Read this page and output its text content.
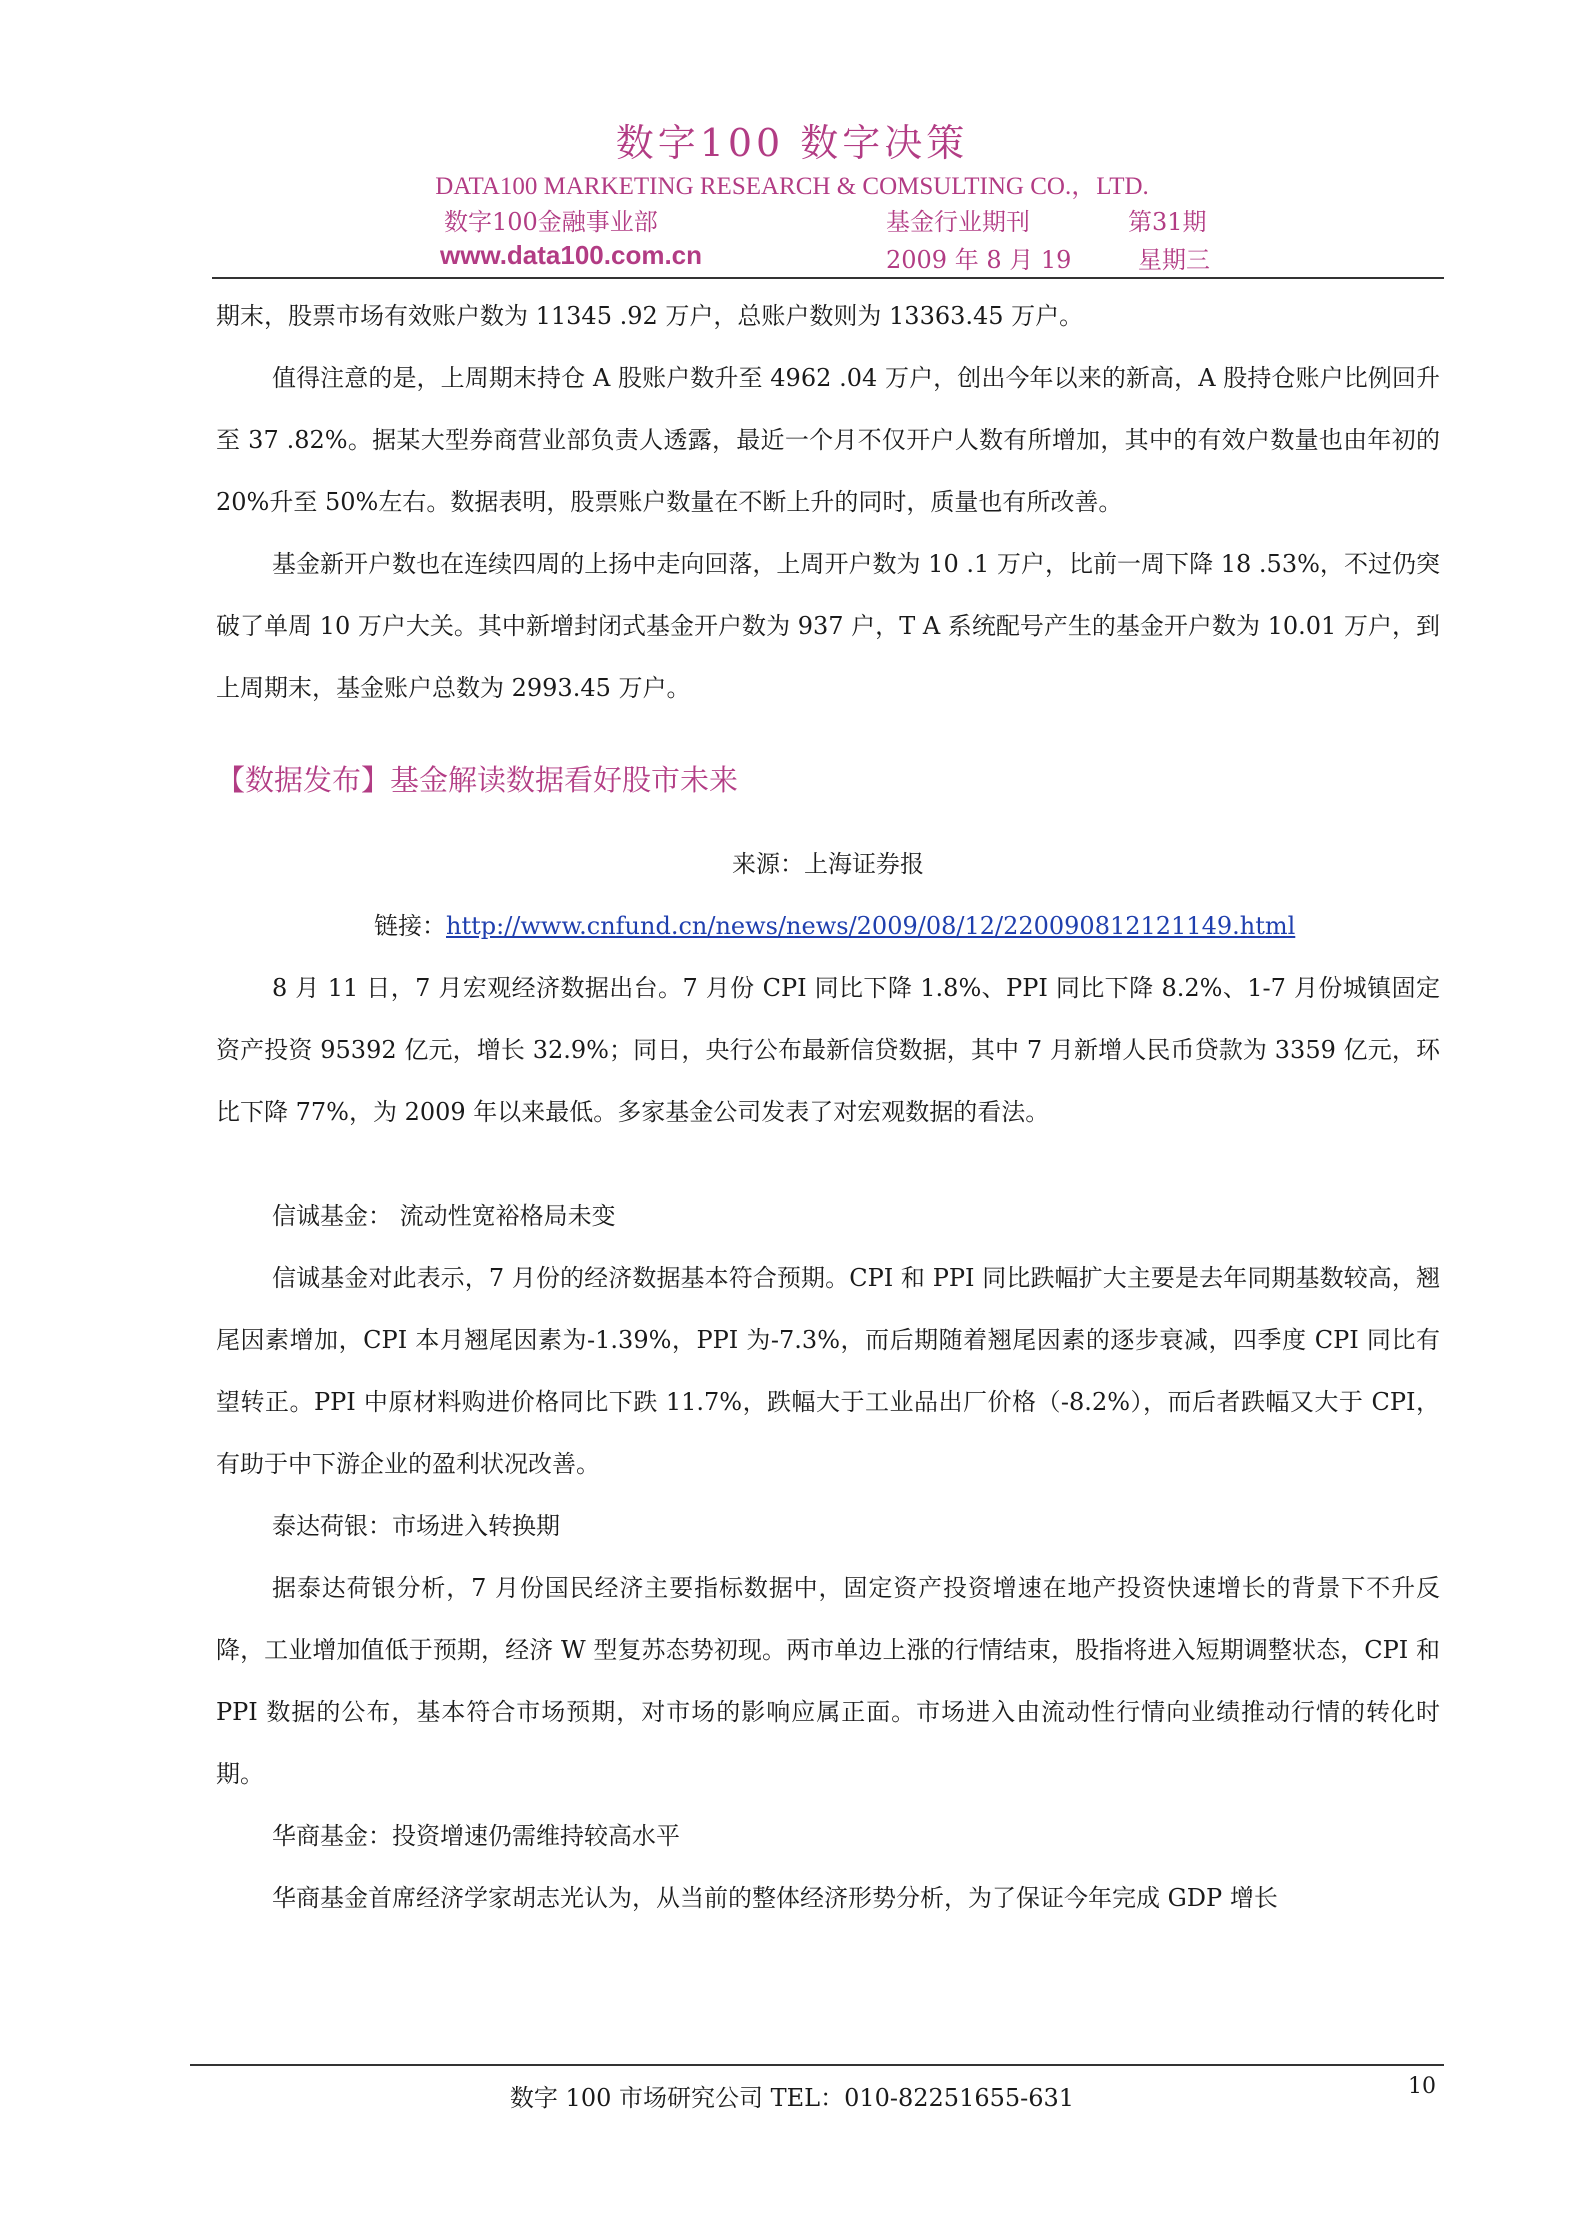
数字100 数字决策
DATA100 MARKETING RESEARCH & COMSULTING CO.，LTD.
数字100金融事业部	基金行业期刊	第31期
www.data100.com.cn	2009 年 8 月 19	星期三

期末，股票市场有效账户数为 11345 .92 万户，总账户数则为 13363.45 万户。

值得注意的是，上周期末持仓 A 股账户数升至 4962 .04 万户，创出今年以来的新高，A 股持仓账户比例回升至 37 .82%。据某大型券商营业部负责人透露，最近一个月不仅开户人数有所增加，其中的有效户数量也由年初的 20%升至 50%左右。数据表明，股票账户数量在不断上升的同时，质量也有所改善。

基金新开户数也在连续四周的上扬中走向回落，上周开户数为 10 .1 万户，比前一周下降 18 .53%，不过仍突破了单周 10 万户大关。其中新增封闭式基金开户数为 937 户，T A 系统配号产生的基金开户数为 10.01 万户，到上周期末，基金账户总数为 2993.45 万户。

【数据发布】基金解读数据看好股市未来
来源：上海证券报
链接：http://www.cnfund.cn/news/news/2009/08/12/220090812121149.html

8 月 11 日，7 月宏观经济数据出台。7 月份 CPI 同比下降 1.8%、PPI 同比下降 8.2%、1-7 月份城镇固定资产投资 95392 亿元，增长 32.9%；同日，央行公布最新信贷数据，其中 7 月新增人民币贷款为 3359 亿元，环比下降 77%，为 2009 年以来最低。多家基金公司发表了对宏观数据的看法。

信诚基金： 流动性宽裕格局未变

信诚基金对此表示，7 月份的经济数据基本符合预期。CPI 和 PPI 同比跌幅扩大主要是去年同期基数较高，翘尾因素增加，CPI 本月翘尾因素为-1.39%，PPI 为-7.3%，而后期随着翘尾因素的逐步衰减，四季度 CPI 同比有望转正。PPI 中原材料购进价格同比下跌 11.7%，跌幅大于工业品出厂价格（-8.2%），而后者跌幅又大于 CPI，有助于中下游企业的盈利状况改善。

泰达荷银：市场进入转换期

据泰达荷银分析，7 月份国民经济主要指标数据中，固定资产投资增速在地产投资快速增长的背景下不升反降，工业增加值低于预期，经济 W 型复苏态势初现。两市单边上涨的行情结束，股指将进入短期调整状态，CPI 和 PPI 数据的公布，基本符合市场预期，对市场的影响应属正面。市场进入由流动性行情向业绩推动行情的转化时期。

华商基金：投资增速仍需维持较高水平

华商基金首席经济学家胡志光认为，从当前的整体经济形势分析，为了保证今年完成 GDP 增长

数字 100 市场研究公司 TEL：010-82251655-631	10
